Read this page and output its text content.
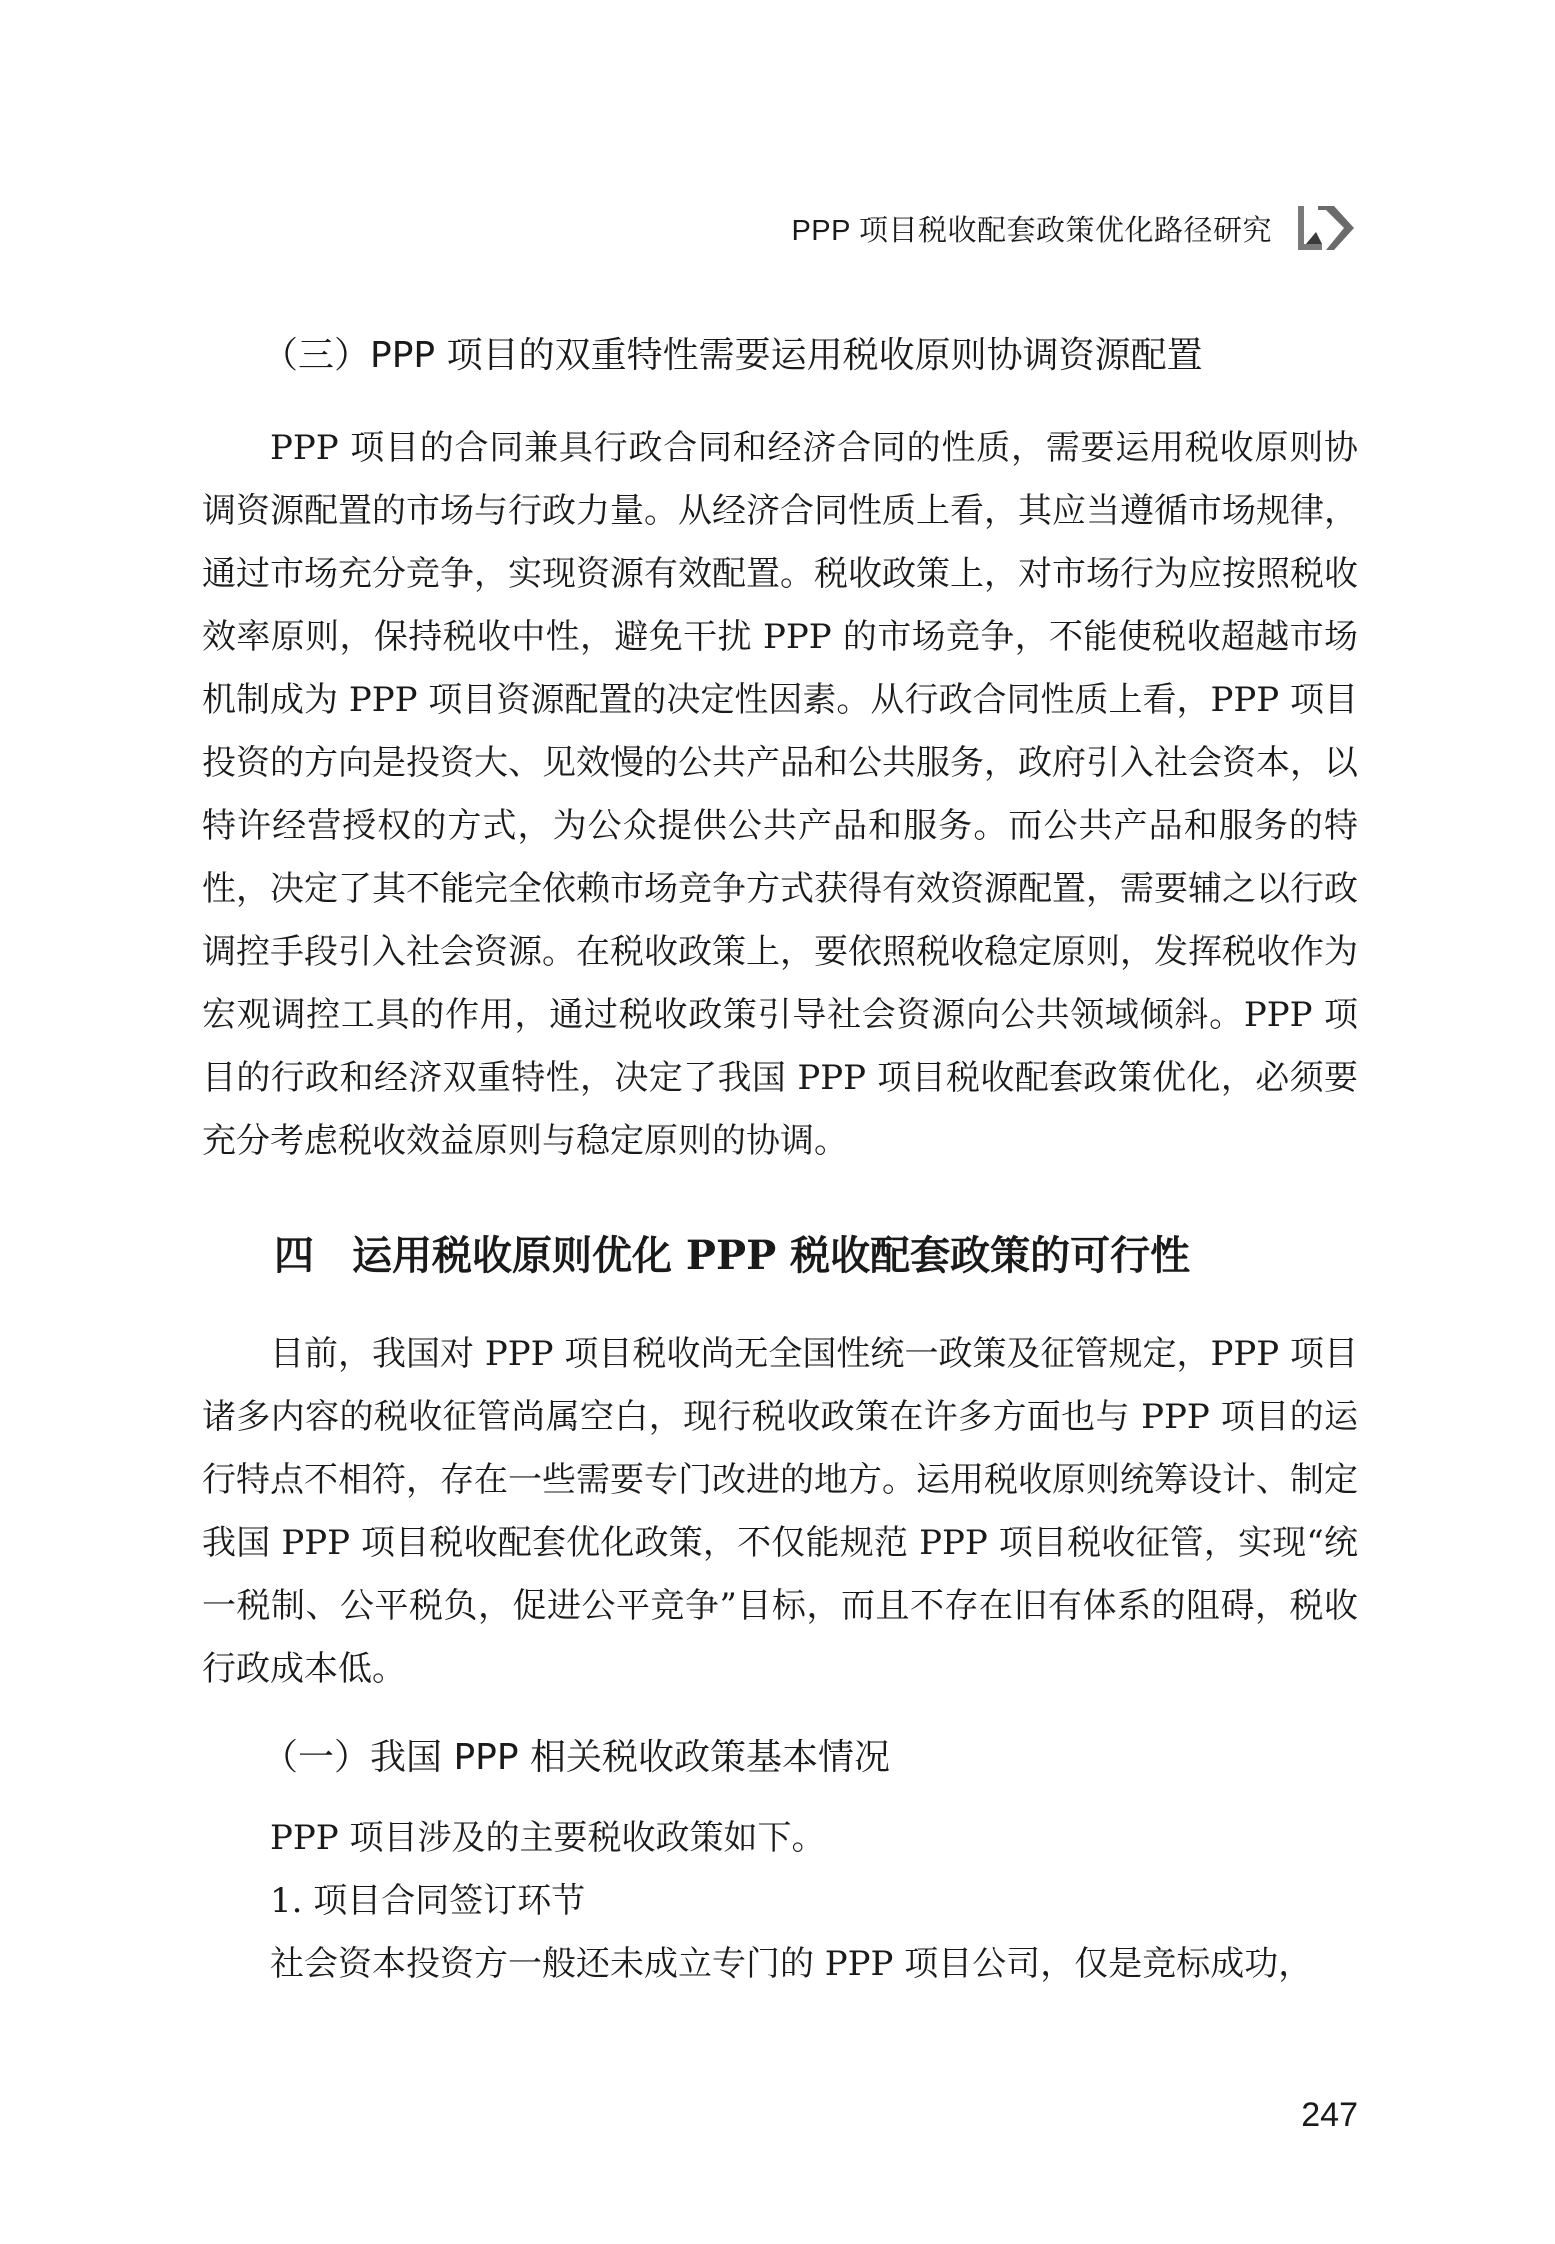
PPP 项目税收配套政策优化路径研究
（三）PPP 项目的双重特性需要运用税收原则协调资源配置

PPP 项目的合同兼具行政合同和经济合同的性质，需要运用税收原则协调资源配置的市场与行政力量。从经济合同性质上看，其应当遵循市场规律，通过市场充分竞争，实现资源有效配置。税收政策上，对市场行为应按照税收效率原则，保持税收中性，避免干扰 PPP 的市场竞争，不能使税收超越市场机制成为 PPP 项目资源配置的决定性因素。从行政合同性质上看，PPP 项目投资的方向是投资大、见效慢的公共产品和公共服务，政府引入社会资本，以特许经营授权的方式，为公众提供公共产品和服务。而公共产品和服务的特性，决定了其不能完全依赖市场竞争方式获得有效资源配置，需要辅之以行政调控手段引入社会资源。在税收政策上，要依照税收稳定原则，发挥税收作为宏观调控工具的作用，通过税收政策引导社会资源向公共领域倾斜。PPP 项目的行政和经济双重特性，决定了我国 PPP 项目税收配套政策优化，必须要充分考虑税收效益原则与稳定原则的协调。

四 运用税收原则优化 PPP 税收配套政策的可行性

目前，我国对 PPP 项目税收尚无全国性统一政策及征管规定，PPP 项目诸多内容的税收征管尚属空白，现行税收政策在许多方面也与 PPP 项目的运行特点不相符，存在一些需要专门改进的地方。运用税收原则统筹设计、制定我国 PPP 项目税收配套优化政策，不仅能规范 PPP 项目税收征管，实现“统一税制、公平税负，促进公平竞争”目标，而且不存在旧有体系的阻碍，税收行政成本低。

（一）我国 PPP 相关税收政策基本情况

PPP 项目涉及的主要税收政策如下。

1. 项目合同签订环节

社会资本投资方一般还未成立专门的 PPP 项目公司，仅是竞标成功，

247
